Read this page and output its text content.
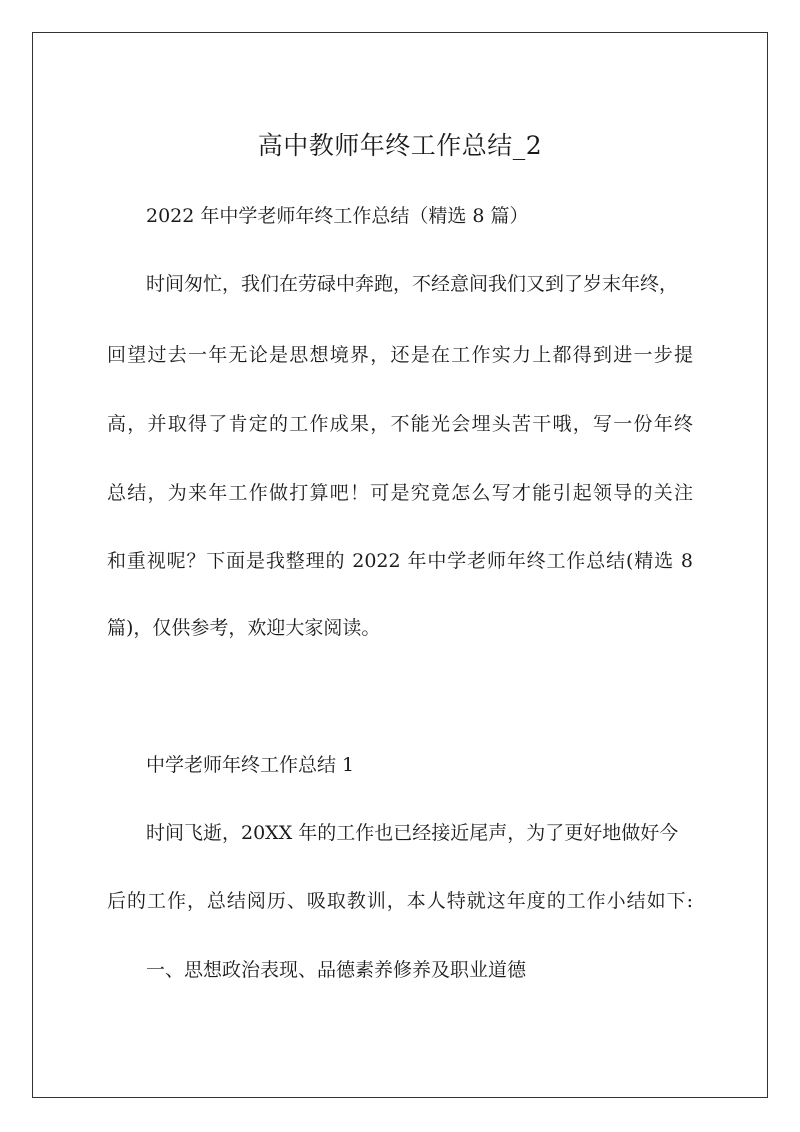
高中教师年终工作总结_2
2022 年中学老师年终工作总结（精选 8 篇）
时间匆忙，我们在劳碌中奔跑，不经意间我们又到了岁末年终，
回望过去一年无论是思想境界，还是在工作实力上都得到进一步提
高，并取得了肯定的工作成果，不能光会埋头苦干哦，写一份年终
总结，为来年工作做打算吧！可是究竟怎么写才能引起领导的关注
和重视呢？下面是我整理的 2022 年中学老师年终工作总结(精选 8
篇)，仅供参考，欢迎大家阅读。
中学老师年终工作总结 1
时间飞逝，20XX 年的工作也已经接近尾声，为了更好地做好今
后的工作，总结阅历、吸取教训，本人特就这年度的工作小结如下:
一、思想政治表现、品德素养修养及职业道德
